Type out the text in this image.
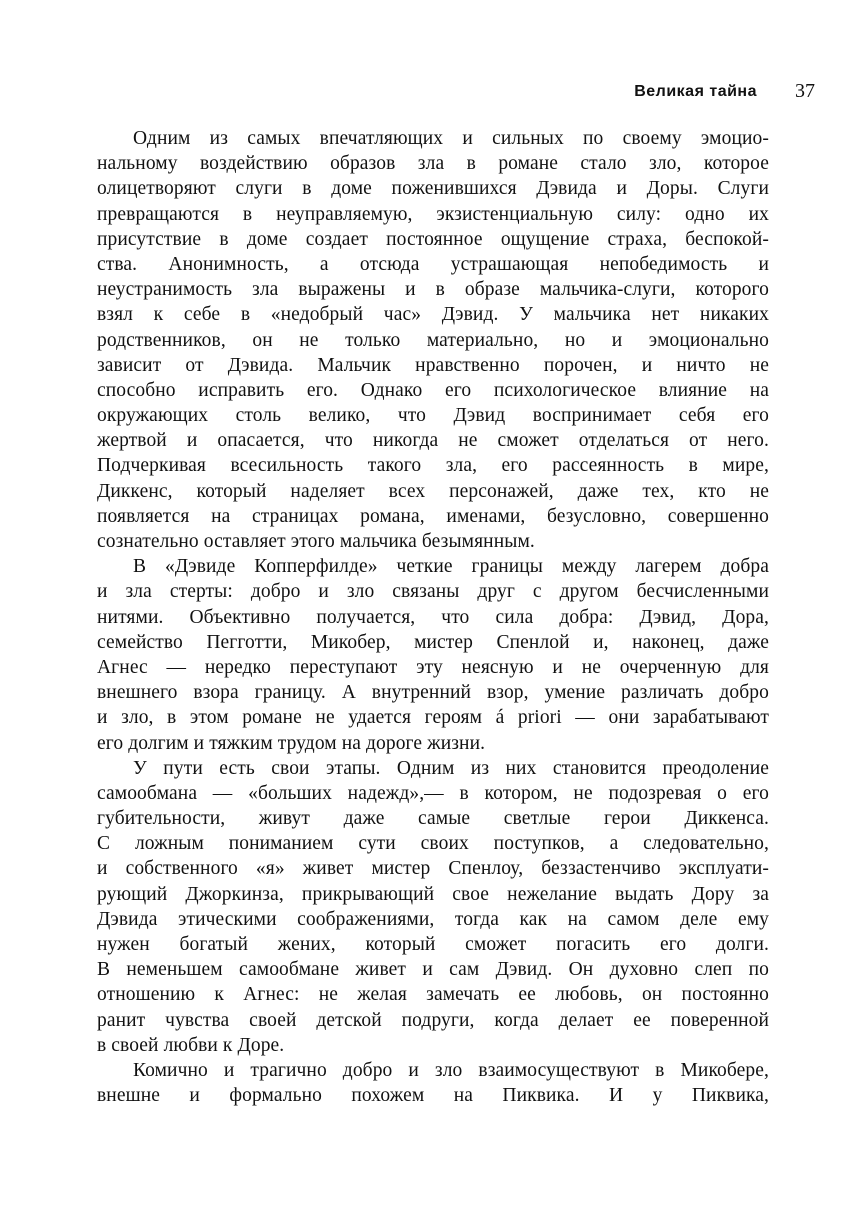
Великая тайна 37
Одним из самых впечатляющих и сильных по своему эмоцио-
нальному воздействию образов зла в романе стало зло, которое
олицетворяют слуги в доме поженившихся Дэвида и Доры. Слуги
превращаются в неуправляемую, экзистенциальную силу: одно их
присутствие в доме создает постоянное ощущение страха, беспокой-
ства. Анонимность, а отсюда устрашающая непобедимость и
неустранимость зла выражены и в образе мальчика-слуги, которого
взял к себе в «недобрый час» Дэвид. У мальчика нет никаких
родственников, он не только материально, но и эмоционально
зависит от Дэвида. Мальчик нравственно порочен, и ничто не
способно исправить его. Однако его психологическое влияние на
окружающих столь велико, что Дэвид воспринимает себя его
жертвой и опасается, что никогда не сможет отделаться от него.
Подчеркивая всесильность такого зла, его рассеянность в мире,
Диккенс, который наделяет всех персонажей, даже тех, кто не
появляется на страницах романа, именами, безусловно, совершенно
сознательно оставляет этого мальчика безымянным.
В «Дэвиде Копперфилде» четкие границы между лагерем добра
и зла стерты: добро и зло связаны друг с другом бесчисленными
нитями. Объективно получается, что сила добра: Дэвид, Дора,
семейство Пегготти, Микобер, мистер Спенлой и, наконец, даже
Агнес — нередко переступают эту неясную и не очерченную для
внешнего взора границу. А внутренний взор, умение различать добро
и зло, в этом романе не удается героям á priori — они зарабатывают
его долгим и тяжким трудом на дороге жизни.
У пути есть свои этапы. Одним из них становится преодоление
самообмана — «больших надежд»,— в котором, не подозревая о его
губительности, живут даже самые светлые герои Диккенса.
С ложным пониманием сути своих поступков, а следовательно,
и собственного «я» живет мистер Спенлоу, беззастенчиво эксплуати-
рующий Джоркинза, прикрывающий свое нежелание выдать Дору за
Дэвида этическими соображениями, тогда как на самом деле ему
нужен богатый жених, который сможет погасить его долги.
В неменьшем самообмане живет и сам Дэвид. Он духовно слеп по
отношению к Агнес: не желая замечать ее любовь, он постоянно
ранит чувства своей детской подруги, когда делает ее поверенной
в своей любви к Доре.
Комично и трагично добро и зло взаимосуществуют в Микобере,
внешне и формально похожем на Пиквика. И у Пиквика,
